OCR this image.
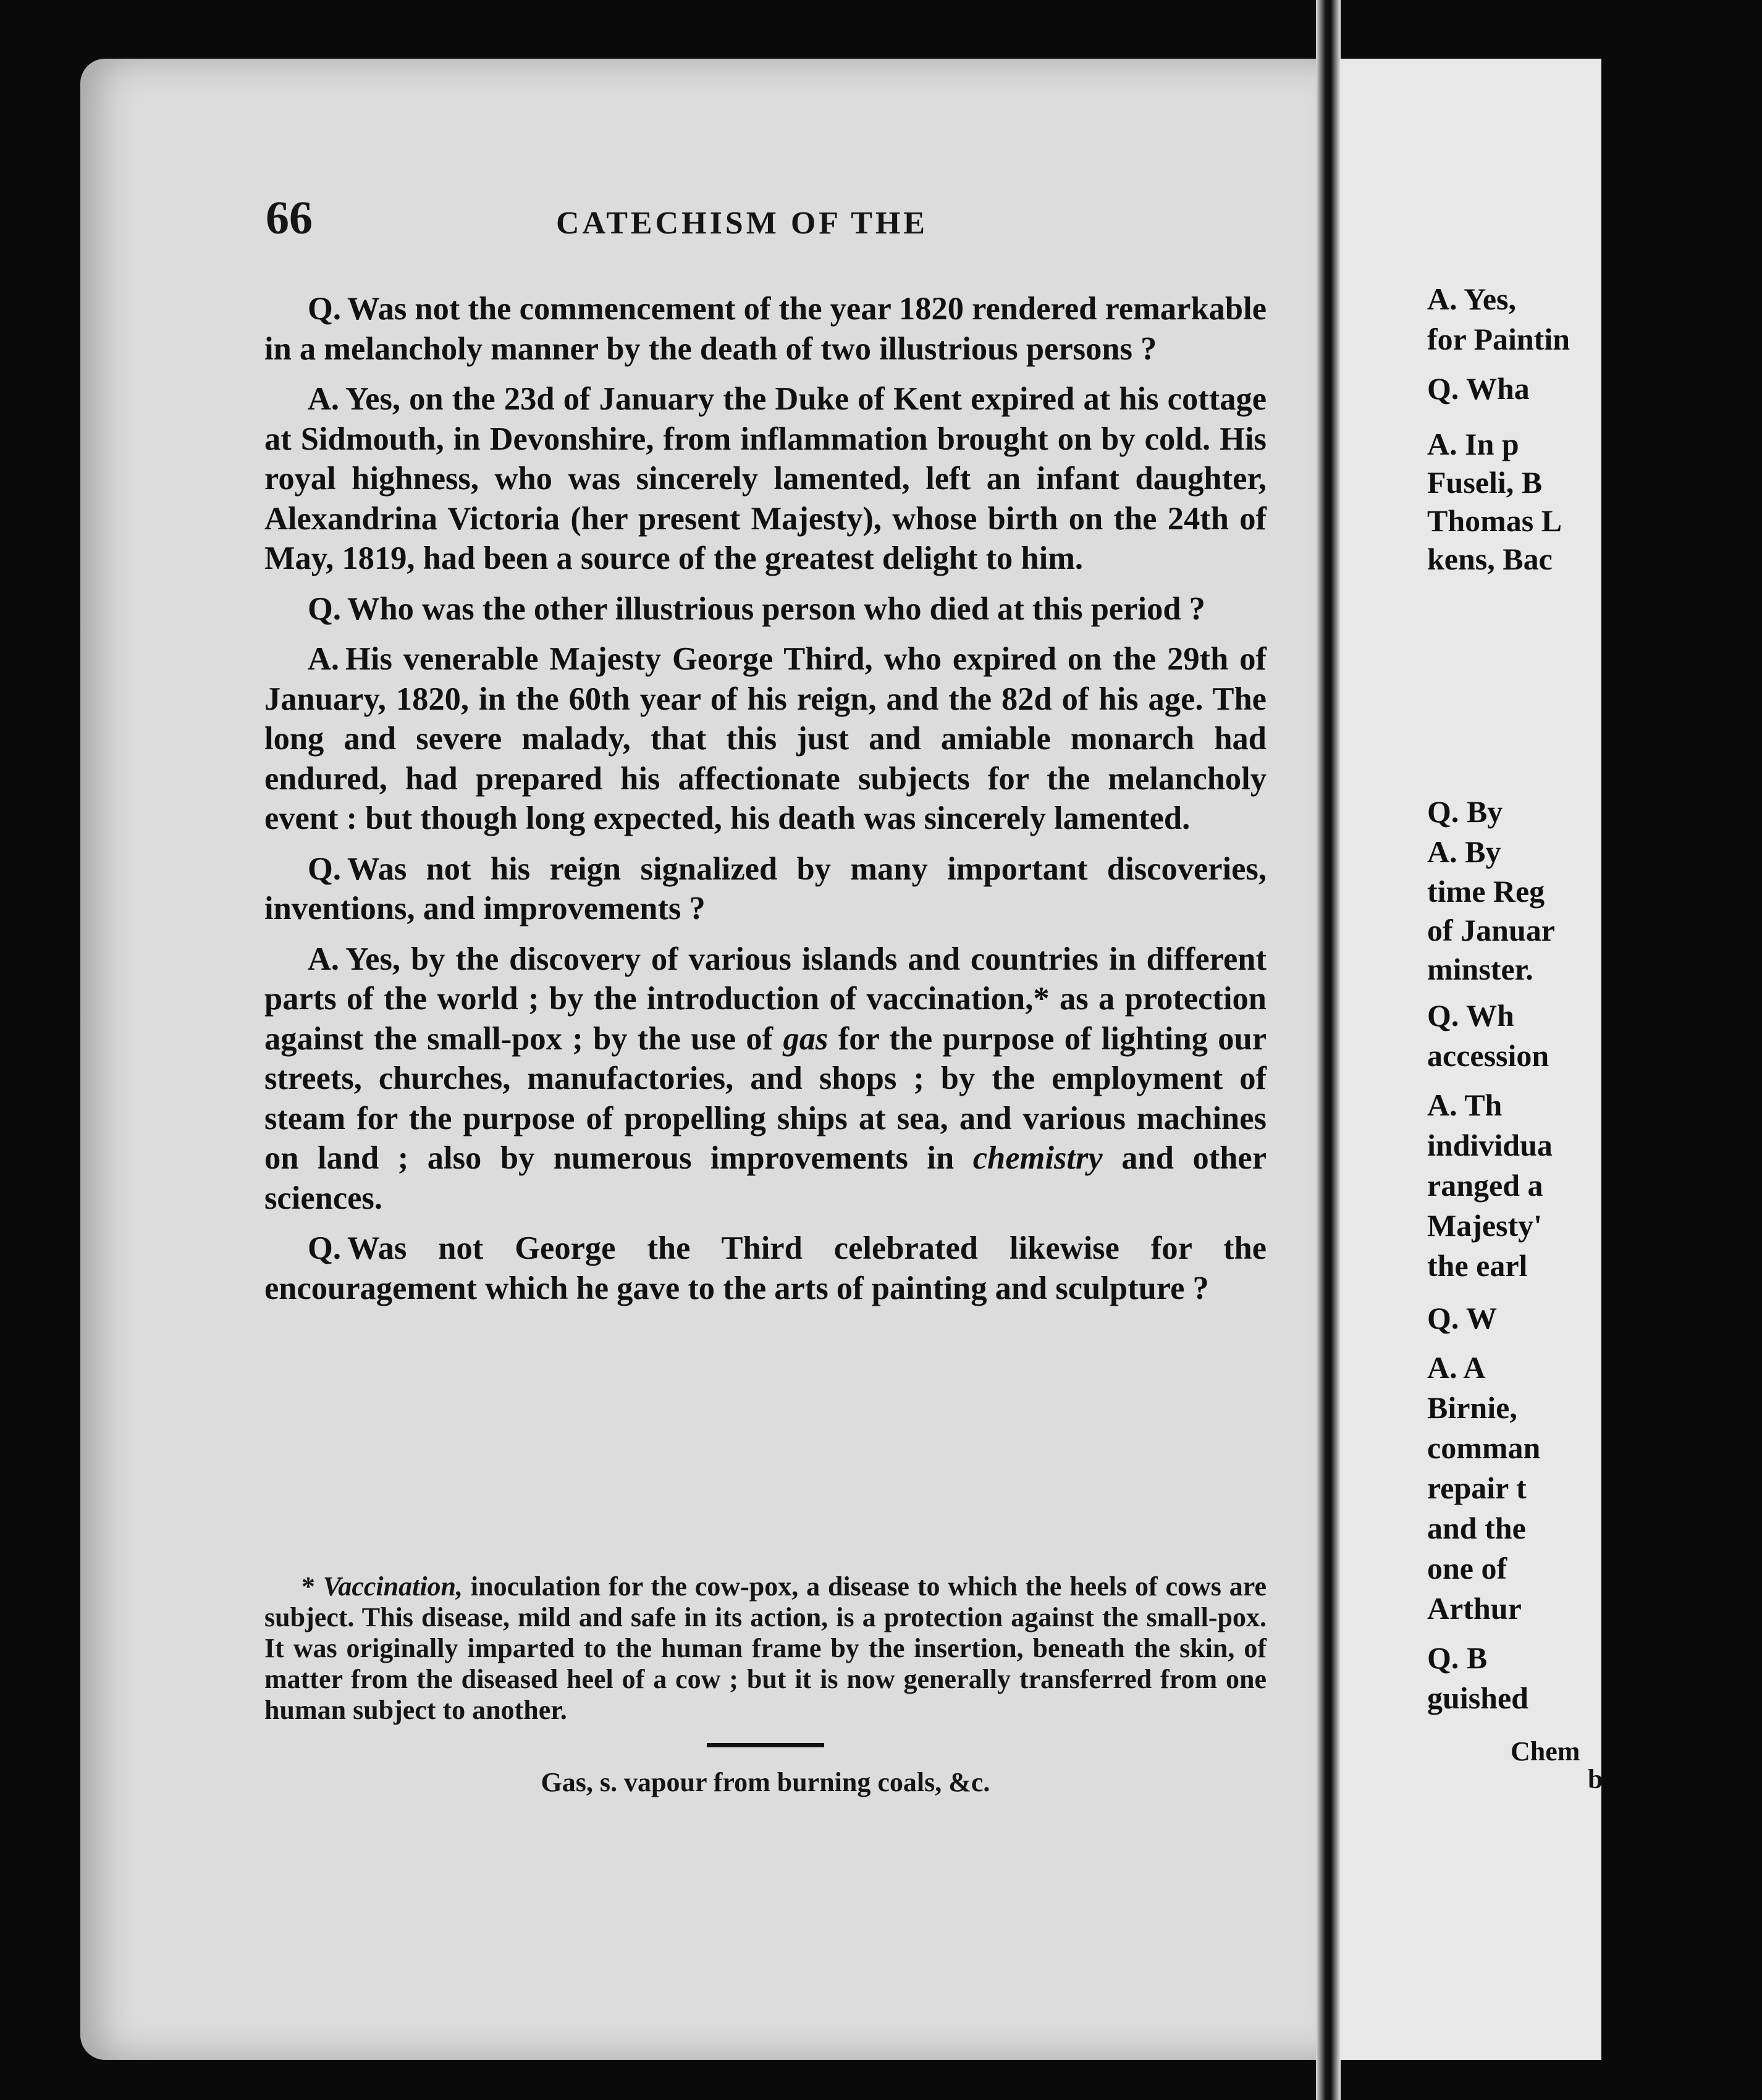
66	CATECHISM OF THE

Q. Was not the commencement of the year 1820 rendered remarkable in a melancholy manner by the death of two illustrious persons ?

A. Yes, on the 23d of January the Duke of Kent expired at his cottage at Sidmouth, in Devonshire, from inflammation brought on by cold. His royal highness, who was sincerely lamented, left an infant daughter, Alexandrina Victoria (her present Majesty), whose birth on the 24th of May, 1819, had been a source of the greatest delight to him.

Q. Who was the other illustrious person who died at this period ?

A. His venerable Majesty George Third, who expired on the 29th of January, 1820, in the 60th year of his reign, and the 82d of his age. The long and severe malady, that this just and amiable monarch had endured, had prepared his affectionate subjects for the melancholy event : but though long expected, his death was sincerely lamented.

Q. Was not his reign signalized by many important discoveries, inventions, and improvements ?

A. Yes, by the discovery of various islands and countries in different parts of the world ; by the introduction of vaccination,* as a protection against the small-pox ; by the use of gas for the purpose of lighting our streets, churches, manufactories, and shops ; by the employment of steam for the purpose of propelling ships at sea, and various machines on land ; also by numerous improvements in chemistry and other sciences.

Q. Was not George the Third celebrated likewise for the encouragement which he gave to the arts of painting and sculpture ?

* Vaccination, inoculation for the cow-pox, a disease to which the heels of cows are subject. This disease, mild and safe in its action, is a protection against the small-pox. It was originally imparted to the human frame by the insertion, beneath the skin, of matter from the diseased heel of a cow ; but it is now generally transferred from one human subject to another.

Gas, s. vapour from burning coals, &c.

A. Yes,
for Paintin
Q. Wha
A. In p
Fuseli, B
Thomas L
kens, Bac
Q. By
A. By
time Reg
of Januar
minster.
Q. Wh
accession
A. Th
individua
ranged a
Majesty'
the earl
Q. W
A. A
Birnie,
comman
repair t
and the
one of
Arthur
Q. B
guished
Chem
b
